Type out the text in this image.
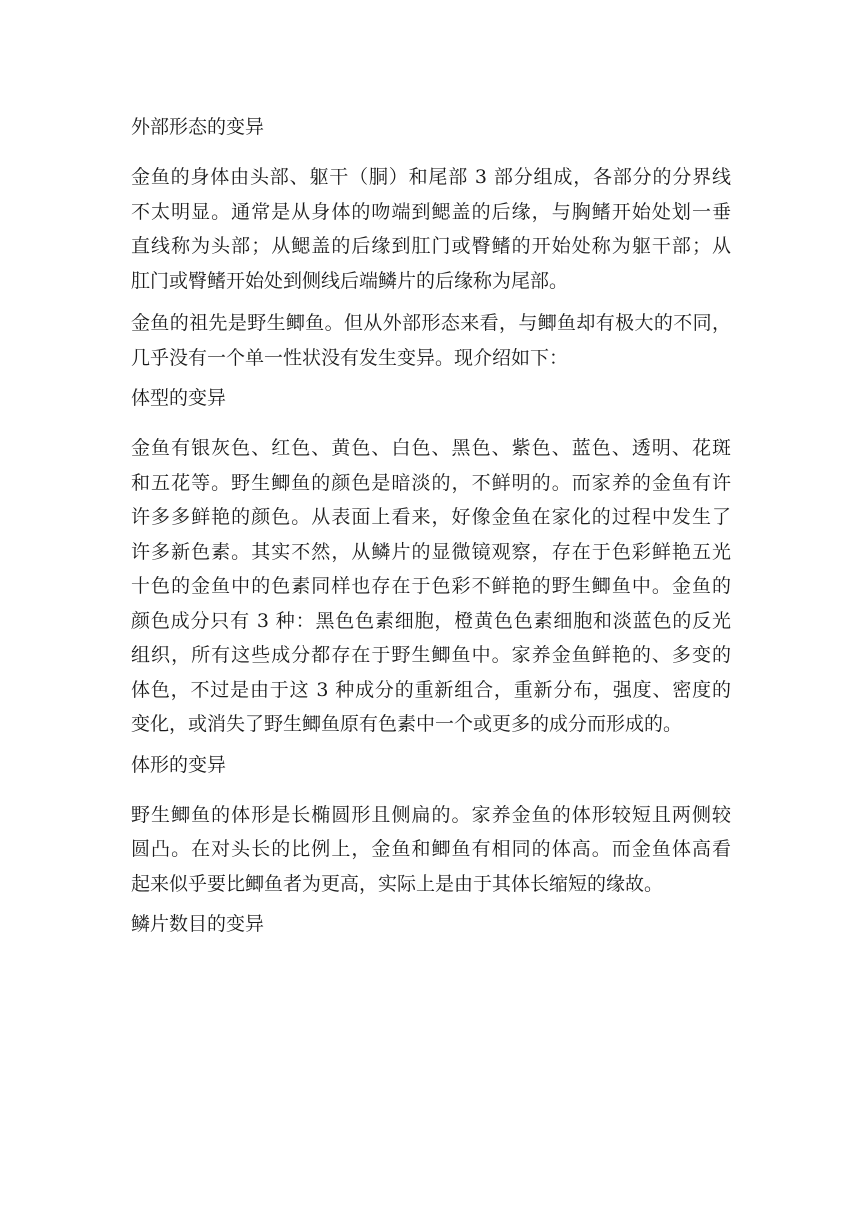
外部形态的变异
金鱼的身体由头部、躯干（胴）和尾部 3 部分组成，各部分的分界线
不太明显。通常是从身体的吻端到鳃盖的后缘，与胸鳍开始处划一垂
直线称为头部；从鳃盖的后缘到肛门或臀鳍的开始处称为躯干部；从
肛门或臀鳍开始处到侧线后端鳞片的后缘称为尾部。
金鱼的祖先是野生鲫鱼。但从外部形态来看，与鲫鱼却有极大的不同，
几乎没有一个单一性状没有发生变异。现介绍如下：
体型的变异
金鱼有银灰色、红色、黄色、白色、黑色、紫色、蓝色、透明、花斑
和五花等。野生鲫鱼的颜色是暗淡的，不鲜明的。而家养的金鱼有许
许多多鲜艳的颜色。从表面上看来，好像金鱼在家化的过程中发生了
许多新色素。其实不然，从鳞片的显微镜观察，存在于色彩鲜艳五光
十色的金鱼中的色素同样也存在于色彩不鲜艳的野生鲫鱼中。金鱼的
颜色成分只有 3 种：黑色色素细胞，橙黄色色素细胞和淡蓝色的反光
组织，所有这些成分都存在于野生鲫鱼中。家养金鱼鲜艳的、多变的
体色，不过是由于这 3 种成分的重新组合，重新分布，强度、密度的
变化，或消失了野生鲫鱼原有色素中一个或更多的成分而形成的。
体形的变异
野生鲫鱼的体形是长椭圆形且侧扁的。家养金鱼的体形较短且两侧较
圆凸。在对头长的比例上，金鱼和鲫鱼有相同的体高。而金鱼体高看
起来似乎要比鲫鱼者为更高，实际上是由于其体长缩短的缘故。
鳞片数目的变异
